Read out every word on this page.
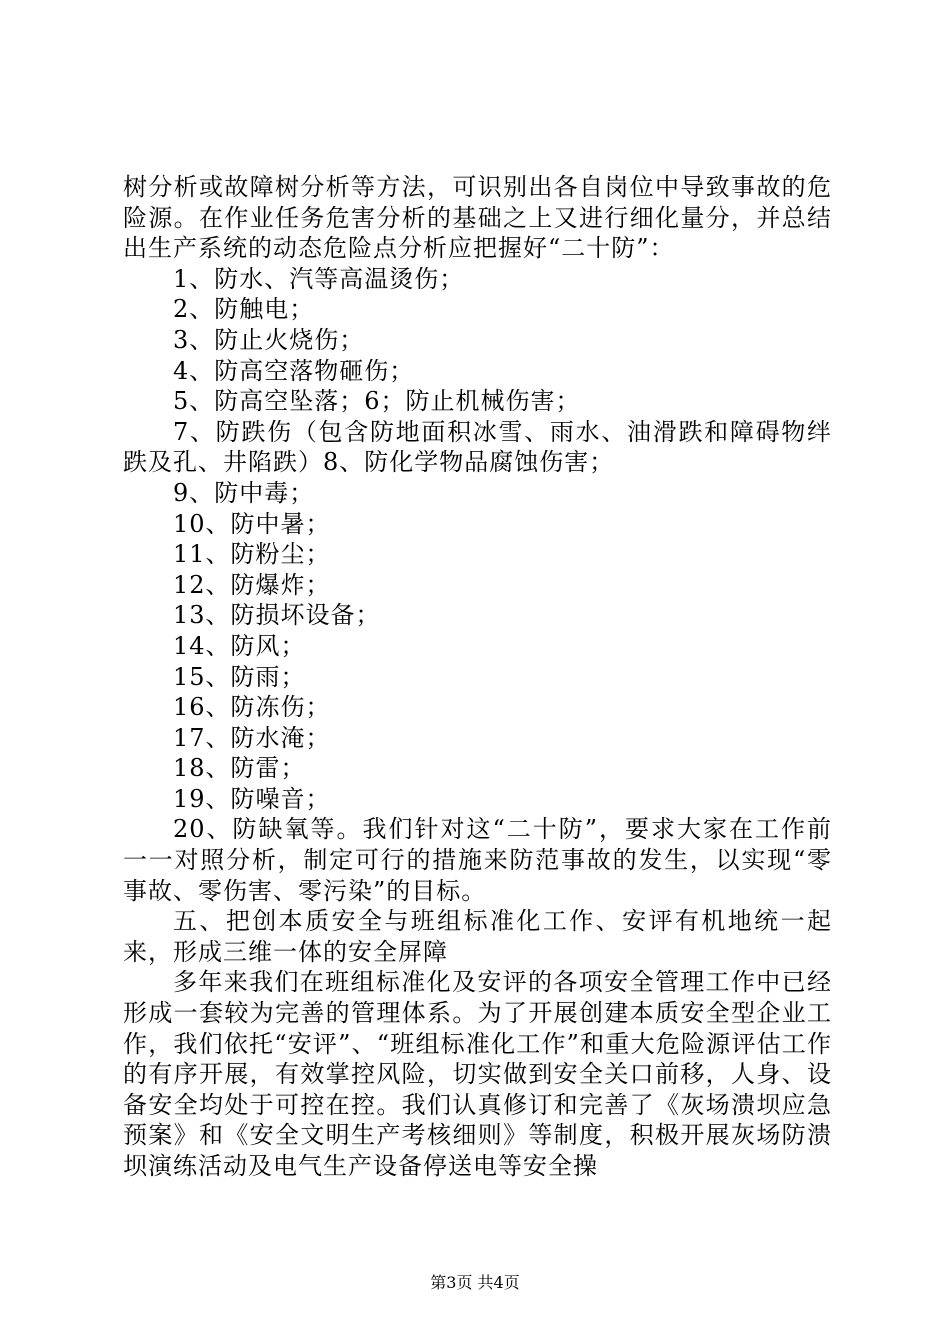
树分析或故障树分析等方法，可识别出各自岗位中导致事故的危险源。在作业任务危害分析的基础之上又进行细化量分，并总结出生产系统的动态危险点分析应把握好“二十防”：

1、防水、汽等高温烫伤；

2、防触电；

3、防止火烧伤；

4、防高空落物砸伤；

5、防高空坠落；6；防止机械伤害；

7、防跌伤（包含防地面积冰雪、雨水、油滑跌和障碍物绊跌及孔、井陷跌）8、防化学物品腐蚀伤害；

9、防中毒；

10、防中暑；

11、防粉尘；

12、防爆炸；

13、防损坏设备；

14、防风；

15、防雨；

16、防冻伤；

17、防水淹；

18、防雷；

19、防噪音；

20、防缺氧等。我们针对这“二十防”，要求大家在工作前一一对照分析，制定可行的措施来防范事故的发生，以实现“零事故、零伤害、零污染”的目标。

五、把创本质安全与班组标准化工作、安评有机地统一起来，形成三维一体的安全屏障

多年来我们在班组标准化及安评的各项安全管理工作中已经形成一套较为完善的管理体系。为了开展创建本质安全型企业工作，我们依托“安评”、“班组标准化工作”和重大危险源评估工作的有序开展，有效掌控风险，切实做到安全关口前移，人身、设备安全均处于可控在控。我们认真修订和完善了《灰场溃坝应急预案》和《安全文明生产考核细则》等制度，积极开展灰场防溃坝演练活动及电气生产设备停送电等安全操

第3页 共4页
